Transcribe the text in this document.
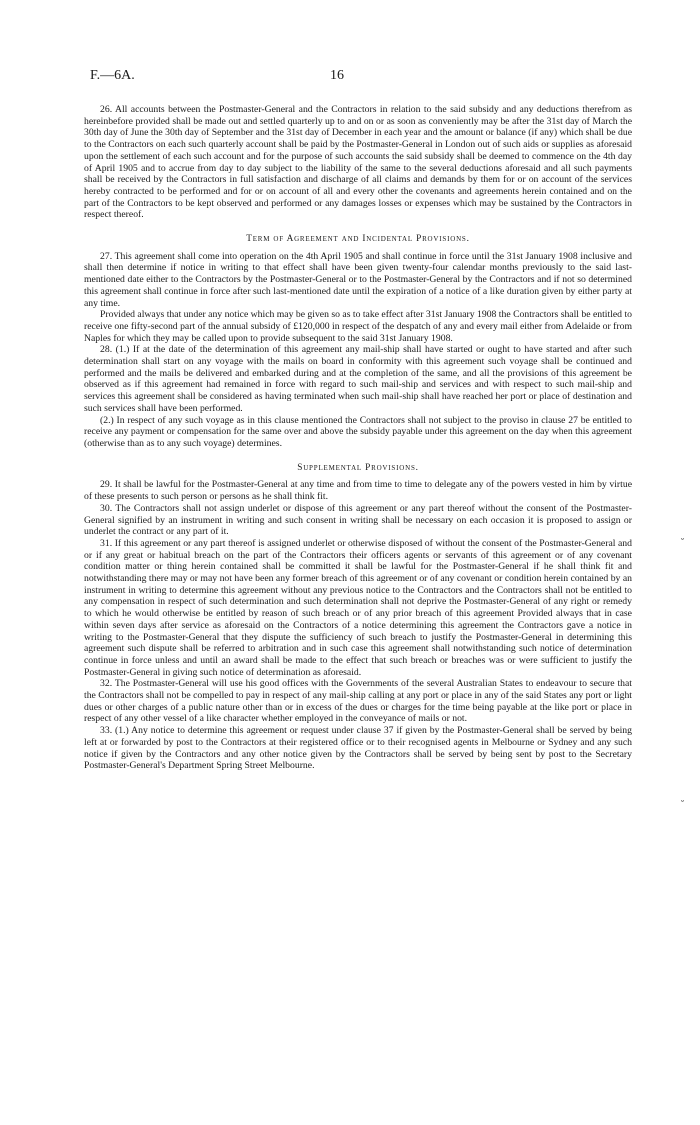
F.—6A.	16

26. All accounts between the Postmaster-General and the Contractors in relation to the said subsidy and any deductions therefrom as hereinbefore provided shall be made out and settled quarterly up to and on or as soon as conveniently may be after the 31st day of March the 30th day of June the 30th day of September and the 31st day of December in each year and the amount or balance (if any) which shall be due to the Contractors on each such quarterly account shall be paid by the Postmaster-General in London out of such aids or supplies as aforesaid upon the settlement of each such account and for the purpose of such accounts the said subsidy shall be deemed to commence on the 4th day of April 1905 and to accrue from day to day subject to the liability of the same to the several deductions aforesaid and all such payments shall be received by the Contractors in full satisfaction and discharge of all claims and demands by them for or on account of the services hereby contracted to be performed and for or on account of all and every other the covenants and agreements herein contained and on the part of the Contractors to be kept observed and performed or any damages losses or expenses which may be sustained by the Contractors in respect thereof.

Term of Agreement and Incidental Provisions.

27. This agreement shall come into operation on the 4th April 1905 and shall continue in force until the 31st January 1908 inclusive and shall then determine if notice in writing to that effect shall have been given twenty-four calendar months previously to the said last-mentioned date either to the Contractors by the Postmaster-General or to the Postmaster-General by the Contractors and if not so determined this agreement shall continue in force after such last-mentioned date until the expiration of a notice of a like duration given by either party at any time.

Provided always that under any notice which may be given so as to take effect after 31st January 1908 the Contractors shall be entitled to receive one fifty-second part of the annual subsidy of £120,000 in respect of the despatch of any and every mail either from Adelaide or from Naples for which they may be called upon to provide subsequent to the said 31st January 1908.

28. (1.) If at the date of the determination of this agreement any mail-ship shall have started or ought to have started and after such determination shall start on any voyage with the mails on board in conformity with this agreement such voyage shall be continued and performed and the mails be delivered and embarked during and at the completion of the same, and all the provisions of this agreement be observed as if this agreement had remained in force with regard to such mail-ship and services and with respect to such mail-ship and services this agreement shall be considered as having terminated when such mail-ship shall have reached her port or place of destination and such services shall have been performed.

(2.) In respect of any such voyage as in this clause mentioned the Contractors shall not subject to the proviso in clause 27 be entitled to receive any payment or compensation for the same over and above the subsidy payable under this agreement on the day when this agreement (otherwise than as to any such voyage) determines.

Supplemental Provisions.

29. It shall be lawful for the Postmaster-General at any time and from time to time to delegate any of the powers vested in him by virtue of these presents to such person or persons as he shall think fit.

30. The Contractors shall not assign underlet or dispose of this agreement or any part thereof without the consent of the Postmaster-General signified by an instrument in writing and such consent in writing shall be necessary on each occasion it is proposed to assign or underlet the contract or any part of it.

31. If this agreement or any part thereof is assigned underlet or otherwise disposed of without the consent of the Postmaster-General and or if any great or habitual breach on the part of the Contractors their officers agents or servants of this agreement or of any covenant condition matter or thing herein contained shall be committed it shall be lawful for the Postmaster-General if he shall think fit and notwithstanding there may or may not have been any former breach of this agreement or of any covenant or condition herein contained by an instrument in writing to determine this agreement without any previous notice to the Contractors and the Contractors shall not be entitled to any compensation in respect of such determination and such determination shall not deprive the Postmaster-General of any right or remedy to which he would otherwise be entitled by reason of such breach or of any prior breach of this agreement Provided always that in case within seven days after service as aforesaid on the Contractors of a notice determining this agreement the Contractors gave a notice in writing to the Postmaster-General that they dispute the sufficiency of such breach to justify the Postmaster-General in determining this agreement such dispute shall be referred to arbitration and in such case this agreement shall notwithstanding such notice of determination continue in force unless and until an award shall be made to the effect that such breach or breaches was or were sufficient to justify the Postmaster-General in giving such notice of determination as aforesaid.

32. The Postmaster-General will use his good offices with the Governments of the several Australian States to endeavour to secure that the Contractors shall not be compelled to pay in respect of any mail-ship calling at any port or place in any of the said States any port or light dues or other charges of a public nature other than or in excess of the dues or charges for the time being payable at the like port or place in respect of any other vessel of a like character whether employed in the conveyance of mails or not.

33. (1.) Any notice to determine this agreement or request under clause 37 if given by the Postmaster-General shall be served by being left at or forwarded by post to the Contractors at their registered office or to their recognised agents in Melbourne or Sydney and any such notice if given by the Contractors and any other notice given by the Contractors shall be served by being sent by post to the Secretary Postmaster-General's Department Spring Street Melbourne.

˘
˘
